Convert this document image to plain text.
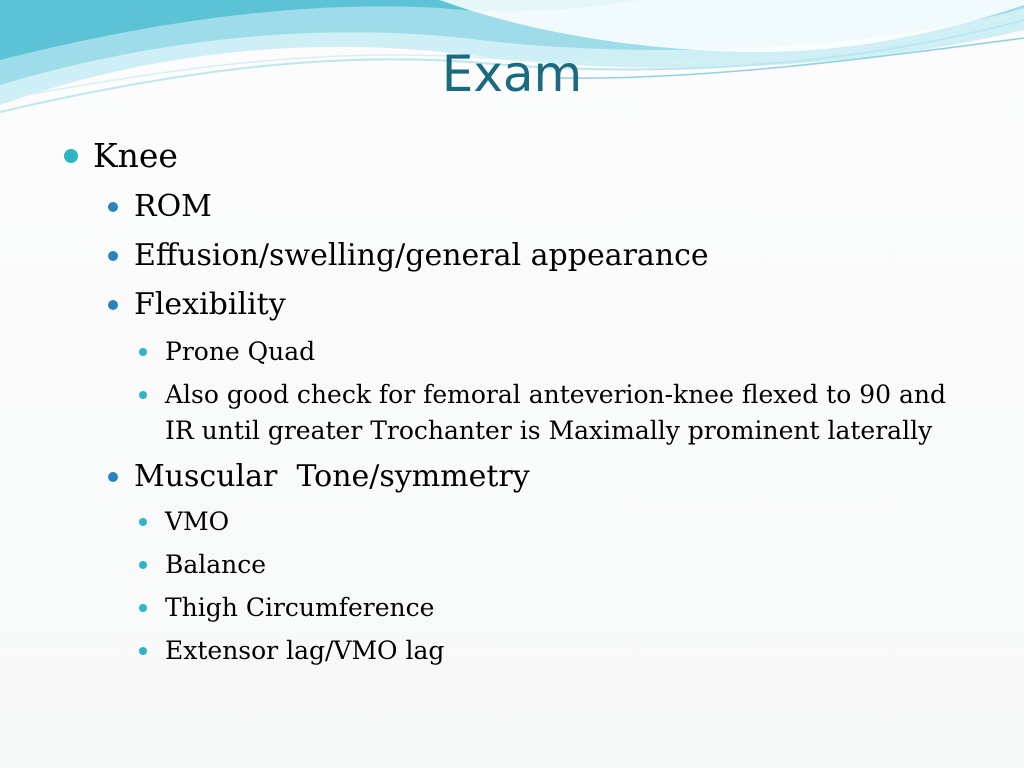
Exam
Knee
ROM
Effusion/swelling/general appearance
Flexibility
Prone Quad
Also good check for femoral anteverion-knee flexed to 90 and
IR until greater Trochanter is Maximally prominent laterally
Muscular  Tone/symmetry
VMO
Balance
Thigh Circumference
Extensor lag/VMO lag
